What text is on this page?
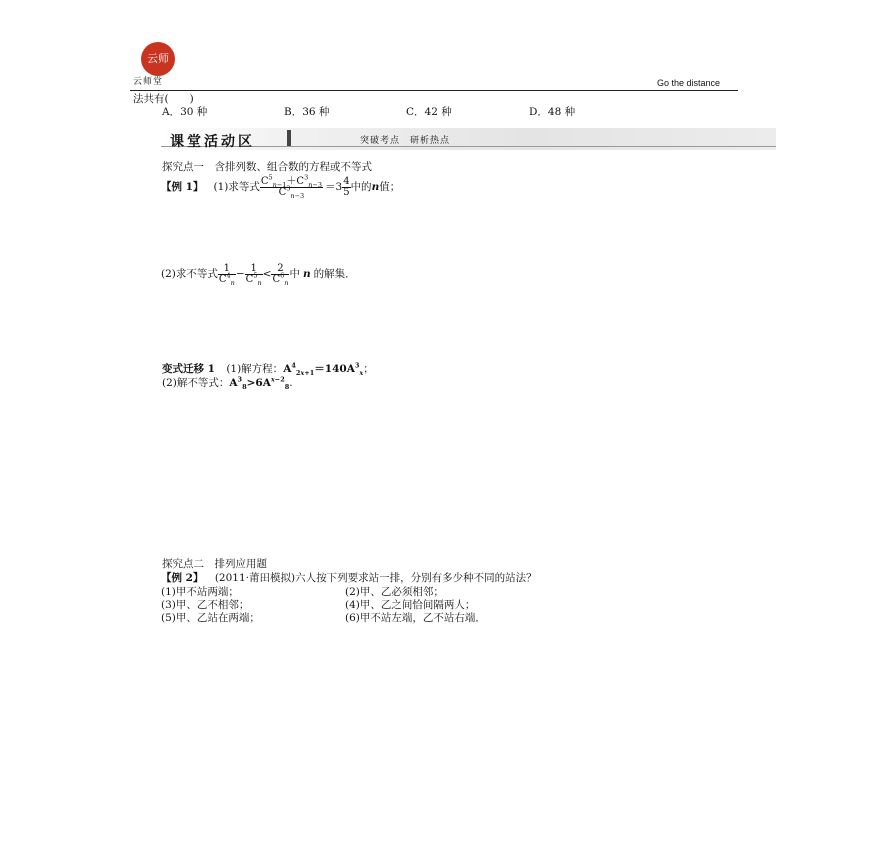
云师
云师堂	Go the distance
法共有(　　)
A．30 种	B．36 种	C．42 种	D．48 种
课堂活动区	突破考点　研析热点
探究点一　含排列数、组合数的方程或不等式
【例 1】 (1)求等式 $\frac{C^5_{n-1}+C^3_{n-3}}{C^3_{n-3}} =3 \frac{4}{5}$ 中的 n 值；
(2)求不等式 $\frac{1}{C^4_n} - \frac{1}{C^5_n} < \frac{2}{C^6_n}$ 中 n 的解集．
变式迁移 1 (1)解方程：$A^4_{2x+1}=140A^3_x$；
(2)解不等式：$A^3_8>6A^{x-2}_8$.
探究点二　排列应用题
【例 2】 (2011·莆田模拟)六人按下列要求站一排，分别有多少种不同的站法？
(1)甲不站两端；	(2)甲、乙必须相邻；
(3)甲、乙不相邻；	(4)甲、乙之间恰间隔两人；
(5)甲、乙站在两端；	(6)甲不站左端，乙不站右端．
